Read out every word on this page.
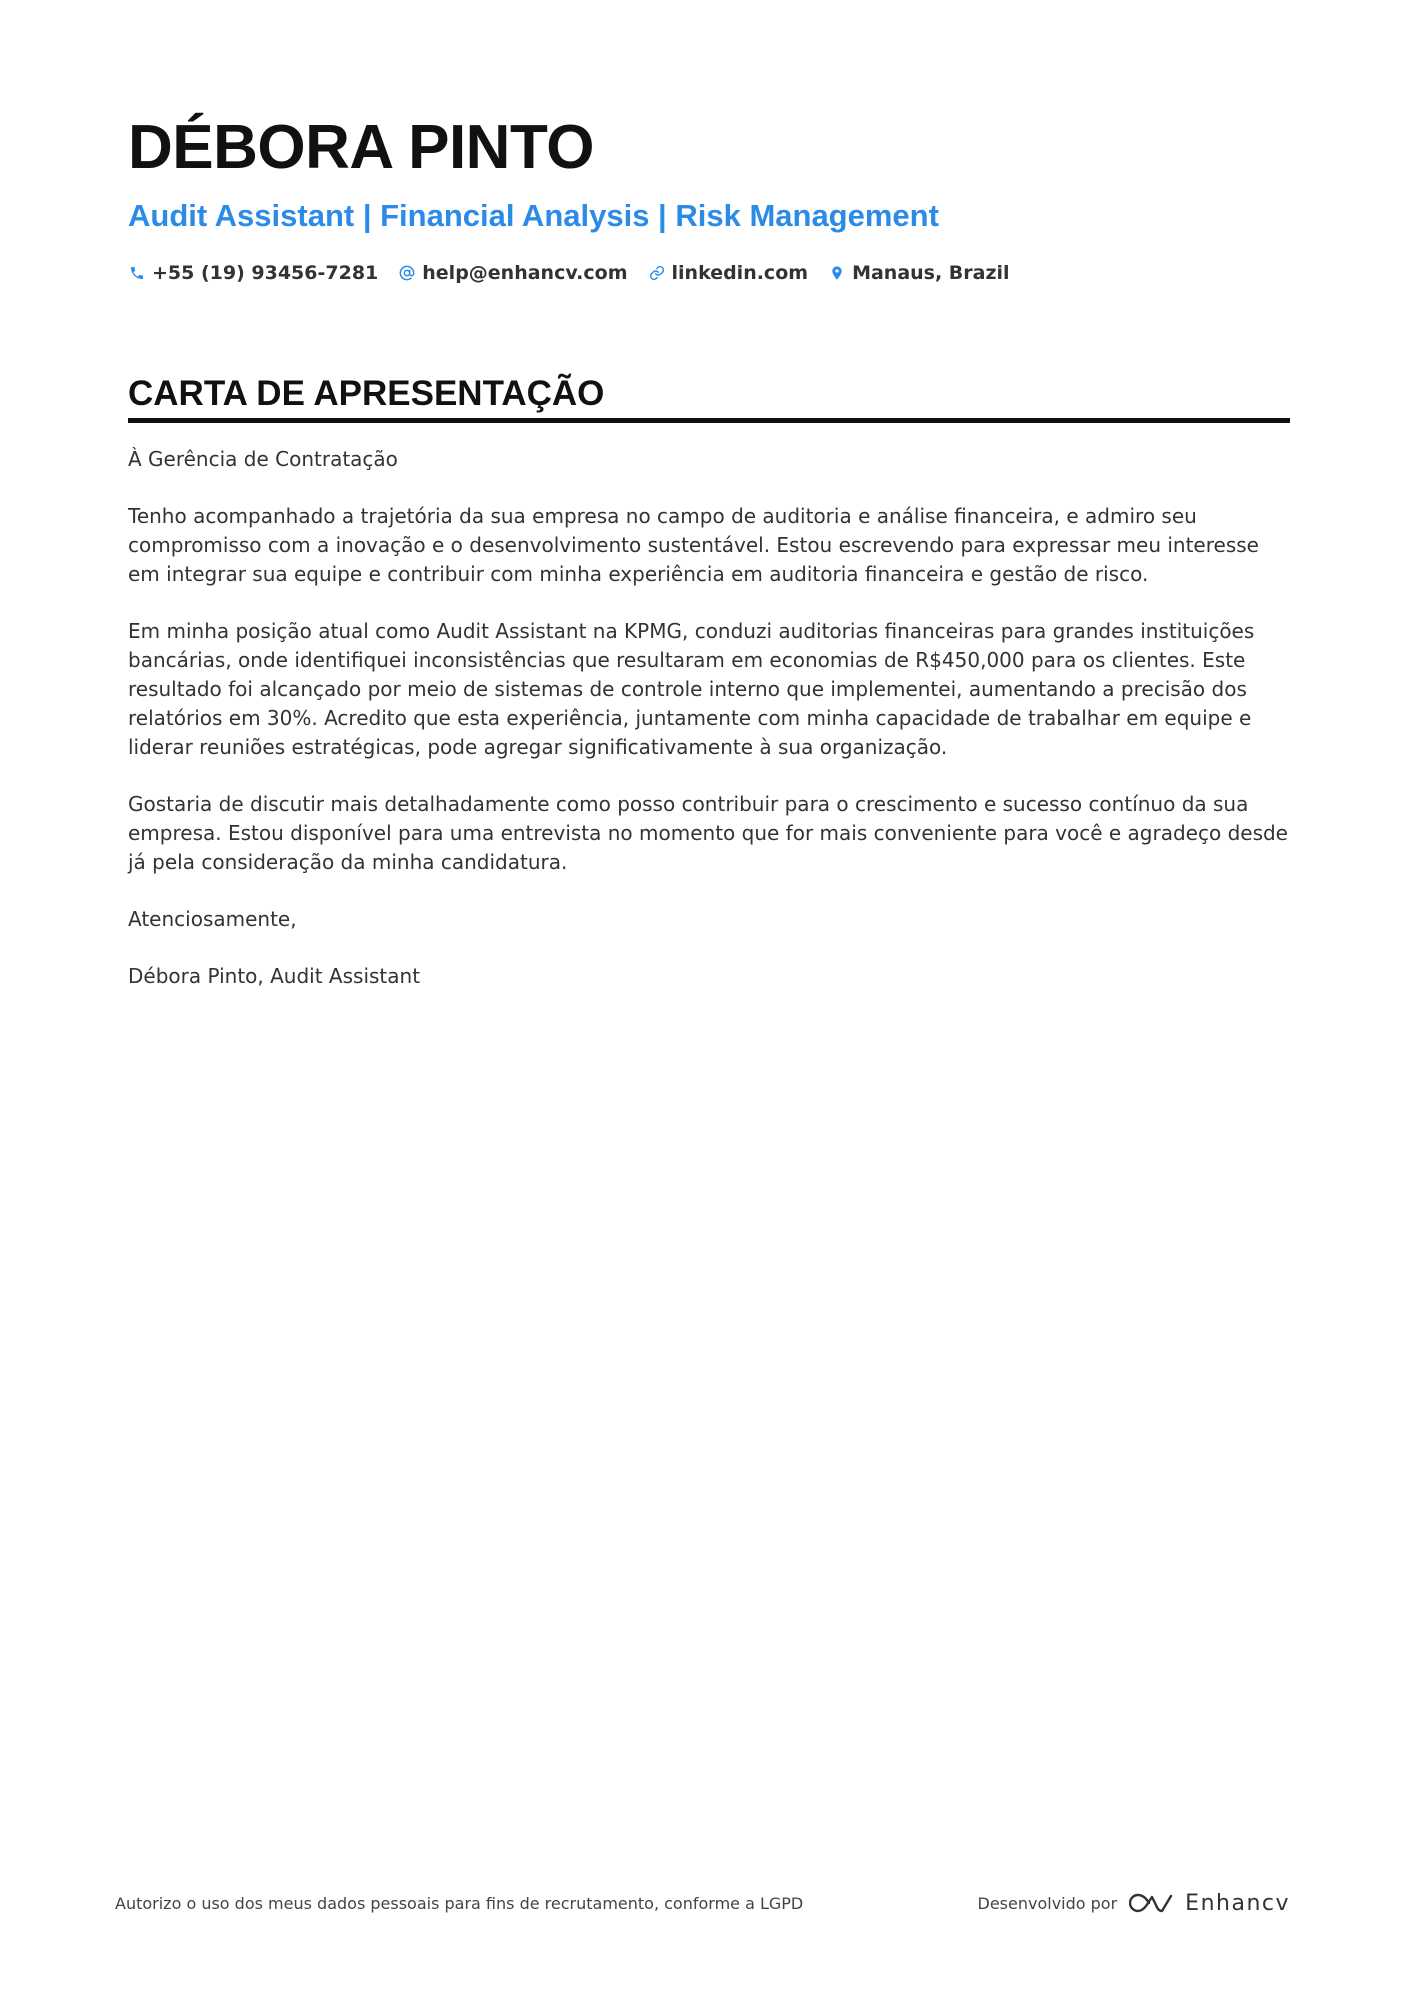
DÉBORA PINTO
Audit Assistant | Financial Analysis | Risk Management
+55 (19) 93456-7281 help@enhancv.com linkedin.com Manaus, Brazil
CARTA DE APRESENTAÇÃO

À Gerência de Contratação

Tenho acompanhado a trajetória da sua empresa no campo de auditoria e análise financeira, e admiro seu compromisso com a inovação e o desenvolvimento sustentável. Estou escrevendo para expressar meu interesse em integrar sua equipe e contribuir com minha experiência em auditoria financeira e gestão de risco.

Em minha posição atual como Audit Assistant na KPMG, conduzi auditorias financeiras para grandes instituições bancárias, onde identifiquei inconsistências que resultaram em economias de R$450,000 para os clientes. Este resultado foi alcançado por meio de sistemas de controle interno que implementei, aumentando a precisão dos relatórios em 30%. Acredito que esta experiência, juntamente com minha capacidade de trabalhar em equipe e liderar reuniões estratégicas, pode agregar significativamente à sua organização.

Gostaria de discutir mais detalhadamente como posso contribuir para o crescimento e sucesso contínuo da sua empresa. Estou disponível para uma entrevista no momento que for mais conveniente para você e agradeço desde já pela consideração da minha candidatura.

Atenciosamente,

Débora Pinto, Audit Assistant

Autorizo o uso dos meus dados pessoais para fins de recrutamento, conforme a LGPD	Desenvolvido por	Enhancv
